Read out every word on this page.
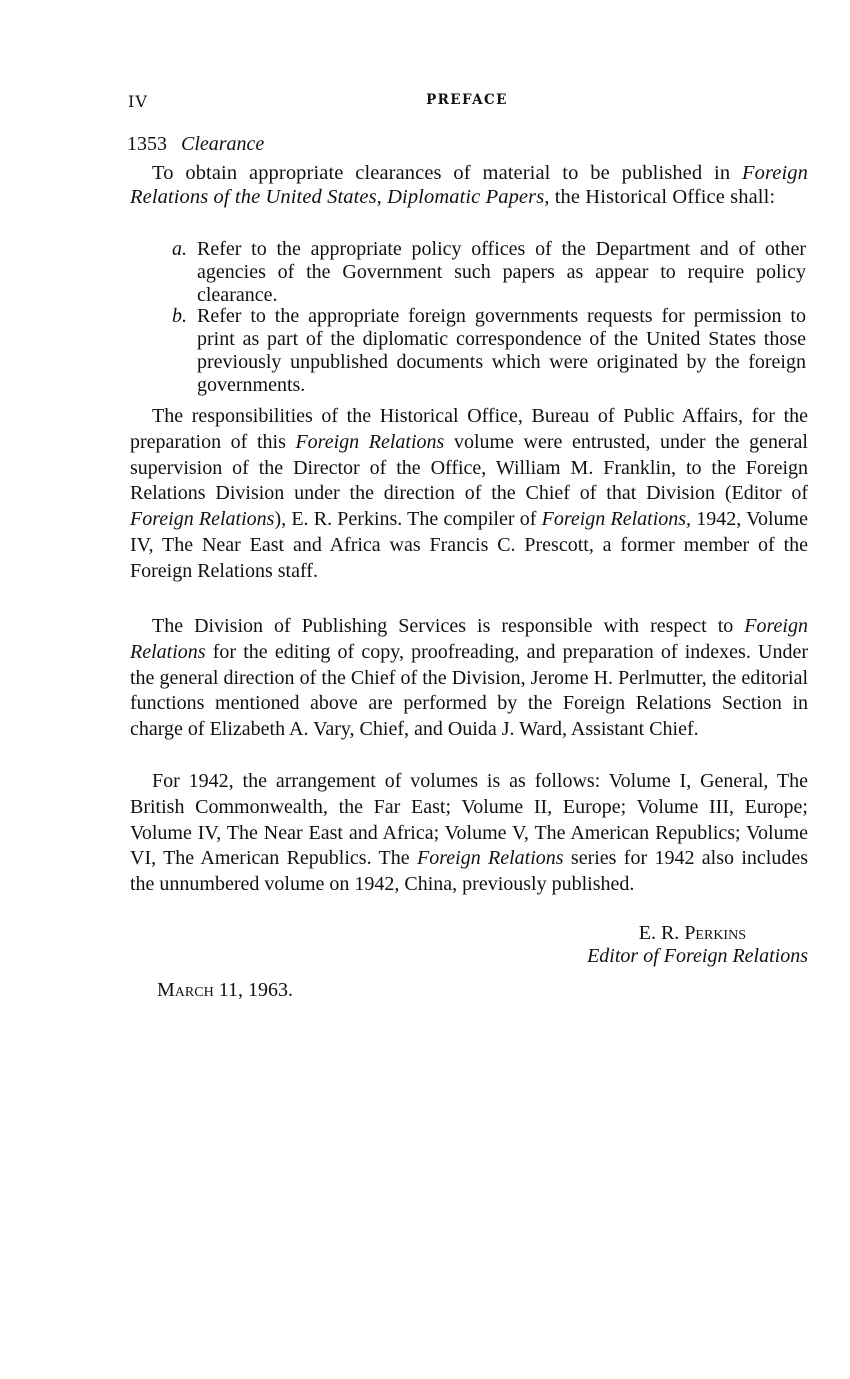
IV	PREFACE
1353 Clearance

To obtain appropriate clearances of material to be published in Foreign Relations of the United States, Diplomatic Papers, the Historical Office shall:

a. Refer to the appropriate policy offices of the Department and of other agencies of the Government such papers as appear to require policy clearance.
b. Refer to the appropriate foreign governments requests for permission to print as part of the diplomatic correspondence of the United States those previously unpublished documents which were originated by the foreign governments.

The responsibilities of the Historical Office, Bureau of Public Affairs, for the preparation of this Foreign Relations volume were entrusted, under the general supervision of the Director of the Office, William M. Franklin, to the Foreign Relations Division under the direction of the Chief of that Division (Editor of Foreign Relations), E. R. Perkins. The compiler of Foreign Relations, 1942, Volume IV, The Near East and Africa was Francis C. Prescott, a former member of the Foreign Relations staff.

The Division of Publishing Services is responsible with respect to Foreign Relations for the editing of copy, proofreading, and preparation of indexes. Under the general direction of the Chief of the Division, Jerome H. Perlmutter, the editorial functions mentioned above are performed by the Foreign Relations Section in charge of Elizabeth A. Vary, Chief, and Ouida J. Ward, Assistant Chief.

For 1942, the arrangement of volumes is as follows: Volume I, General, The British Commonwealth, the Far East; Volume II, Europe; Volume III, Europe; Volume IV, The Near East and Africa; Volume V, The American Republics; Volume VI, The American Republics. The Foreign Relations series for 1942 also includes the unnumbered volume on 1942, China, previously published.

E. R. Perkins
Editor of Foreign Relations
March 11, 1963.
